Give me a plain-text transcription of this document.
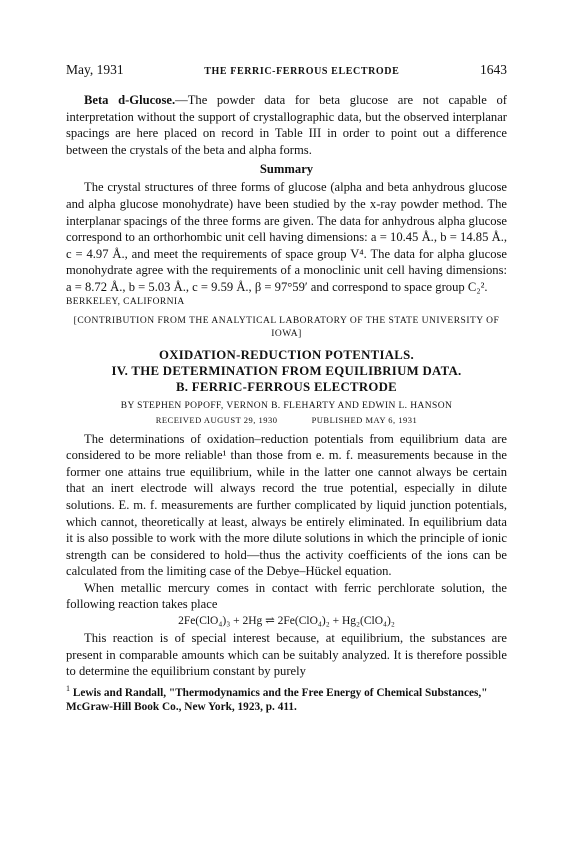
May, 1931	THE FERRIC-FERROUS ELECTRODE	1643

Beta d-Glucose.—The powder data for beta glucose are not capable of interpretation without the support of crystallographic data, but the observed interplanar spacings are here placed on record in Table III in order to point out a difference between the crystals of the beta and alpha forms.

Summary

The crystal structures of three forms of glucose (alpha and beta anhydrous glucose and alpha glucose monohydrate) have been studied by the x-ray powder method. The interplanar spacings of the three forms are given. The data for anhydrous alpha glucose correspond to an orthorhombic unit cell having dimensions: a = 10.45 Å., b = 14.85 Å., c = 4.97 Å., and meet the requirements of space group V⁴. The data for alpha glucose monohydrate agree with the requirements of a monoclinic unit cell having dimensions: a = 8.72 Å., b = 5.03 Å., c = 9.59 Å., β = 97°59′ and correspond to space group C₂².

BERKELEY, CALIFORNIA
[CONTRIBUTION FROM THE ANALYTICAL LABORATORY OF THE STATE UNIVERSITY OF IOWA]
OXIDATION-REDUCTION POTENTIALS.
IV. THE DETERMINATION FROM EQUILIBRIUM DATA.
B. FERRIC-FERROUS ELECTRODE
BY STEPHEN POPOFF, VERNON B. FLEHARTY AND EDWIN L. HANSON
RECEIVED AUGUST 29, 1930	PUBLISHED MAY 6, 1931

The determinations of oxidation–reduction potentials from equilibrium data are considered to be more reliable¹ than those from e. m. f. measurements because in the former one attains true equilibrium, while in the latter one cannot always be certain that an inert electrode will always record the true potential, especially in dilute solutions. E. m. f. measurements are further complicated by liquid junction potentials, which cannot, theoretically at least, always be entirely eliminated. In equilibrium data it is also possible to work with the more dilute solutions in which the principle of ionic strength can be considered to hold—thus the activity coefficients of the ions can be calculated from the limiting case of the Debye–Hückel equation.

When metallic mercury comes in contact with ferric perchlorate solution, the following reaction takes place

2Fe(ClO₄)₃ + 2Hg ⇌ 2Fe(ClO₄)₂ + Hg₂(ClO₄)₂

This reaction is of special interest because, at equilibrium, the substances are present in comparable amounts which can be suitably analyzed. It is therefore possible to determine the equilibrium constant by purely

$^1$ Lewis and Randall, "Thermodynamics and the Free Energy of Chemical Substances," McGraw-Hill Book Co., New York, 1923, p. 411.
